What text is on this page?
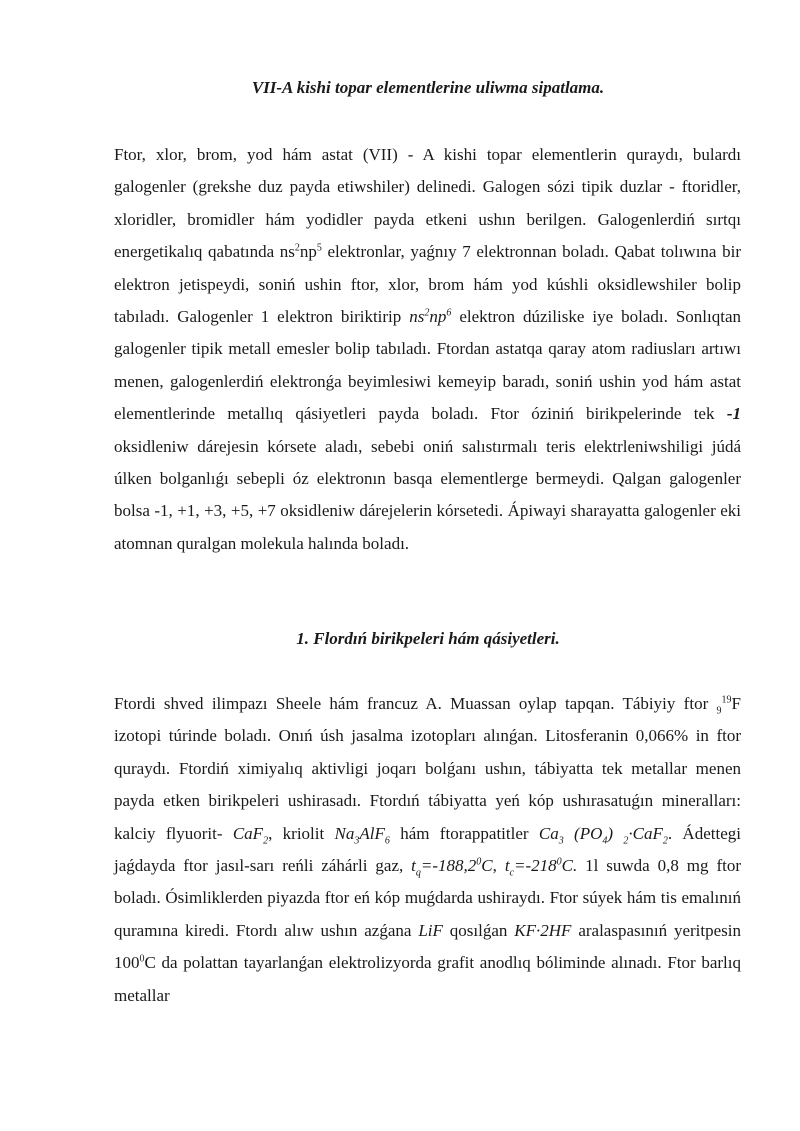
VII-A kishi topar elementlerine uliwma sipatlama.

Ftor, xlor, brom, yod hám astat (VII) - A kishi topar elementlerin quraydı, bulardı galogenler (grekshe duz payda etiwshiler) delinedi. Galogen sózi tipik duzlar - ftoridler, xloridler, bromidler hám yodidler payda etkeni ushın berilgen. Galogenlerdiń sırtqı energetikalıq qabatında $ns^2np^5$ elektronlar, yaǵnıy 7 elektronnan boladı. Qabat tolıwına bir elektron jetispeydi, soniń ushin ftor, xlor, brom hám yod kúshli oksidlewshiler bolip tabıladı. Galogenler 1 elektron biriktirip $ns^2np^6$ elektron dúziliske iye boladı. Sonlıqtan galogenler tipik metall emesler bolip tabıladı. Ftordan astatqa qaray atom radiusları artıwı menen, galogenlerdiń elektronǵa beyimlesiwi kemeyip baradı, soniń ushin yod hám astat elementlerinde metallıq qásiyetleri payda boladı. Ftor óziniń birikpelerinde tek -1 oksidleniw dárejesin kórsete aladı, sebebi oniń salıstırmalı teris elektrleniwshiligi júdá úlken bolganlıǵı sebepli óz elektronın basqa elementlerge bermeydi. Qalgan galogenler bolsa -1, +1, +3, +5, +7 oksidleniw dárejelerin kórsetedi. Ápiwayi sharayatta galogenler eki atomnan quralgan molekula halında boladı.

1. Flordıń birikpeleri hám qásiyetleri.

Ftordi shved ilimpazı Sheele hám francuz A. Muassan oylap tapqan. Tábiyiy ftor $_9^{19}$F izotopi túrinde boladı. Onıń úsh jasalma izotopları alınǵan. Litosferanin 0,066% in ftor quraydı. Ftordiń ximiyalıq aktivligi joqarı bolǵanı ushın, tábiyatta tek metallar menen payda etken birikpeleri ushirasadı. Ftordıń tábiyatta yeń kóp ushırasatuǵın mineralları: kalciy flyuorit- CaF$_2$, kriolit $Na_3AlF_6$ hám ftorappatitler $Ca_3$ $(PO_4)$ $_2$·CaF$_2$. Ádettegi jaǵdayda ftor jasıl-sarı reńli záhárli gaz, $t_q=-188,2^0C$, $t_c=-218^0C$. 1l suwda 0,8 mg ftor boladı. Ósimliklerden piyazda ftor eń kóp muǵdarda ushiraydı. Ftor súyek hám tis emalınıń quramına kiredi. Ftordı alıw ushın azǵana LiF qosılǵan KF·2HF aralaspasınıń yeritpesin $100^0C$ da polattan tayarlanǵan elektrolizyorda grafit anodlıq bóliminde alınadı. Ftor barlıq metallar
